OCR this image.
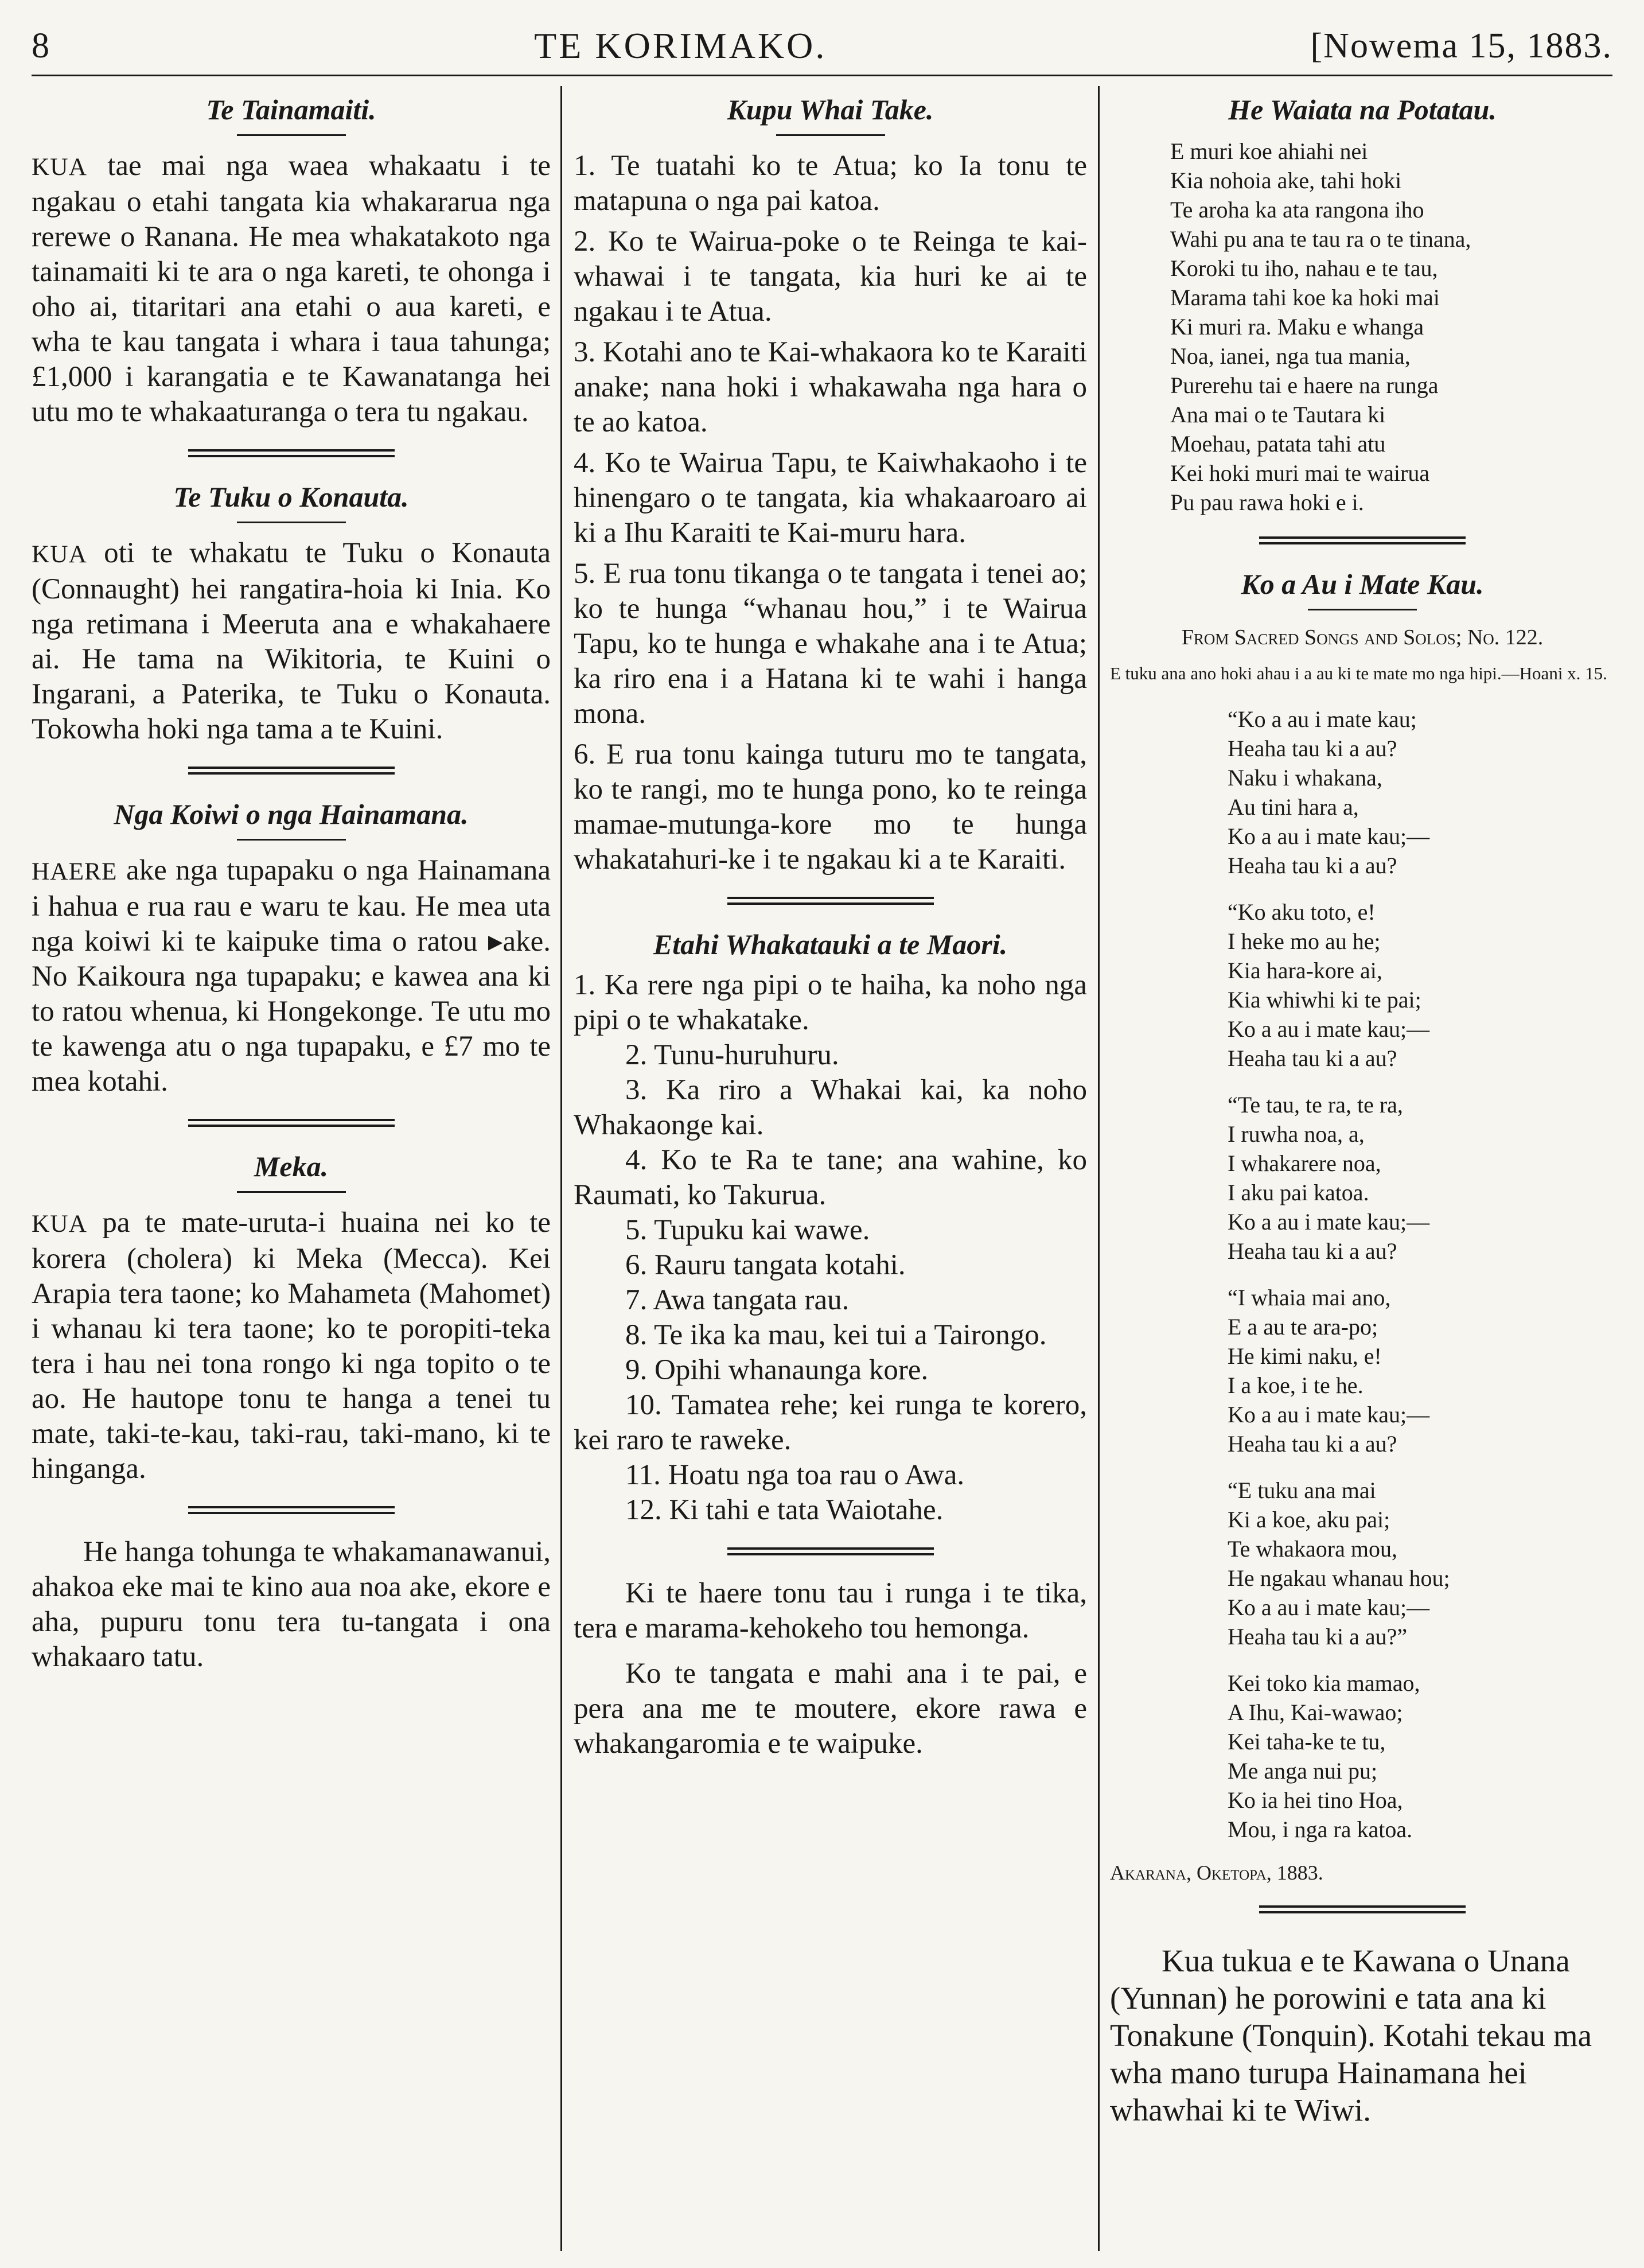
8	TE KORIMAKO.	[Nowema 15, 1883.
Te Tainamaiti.

KUA tae mai nga waea whakaatu i te ngakau o etahi tangata kia whakararua nga rerewe o Ranana. He mea whakatakoto nga tainamaiti ki te ara o nga kareti, te ohonga i oho ai, titaritari ana etahi o aua kareti, e wha te kau tangata i whara i taua tahunga; £1,000 i karangatia e te Kawanatanga hei utu mo te whakaaturanga o tera tu ngakau.

Te Tuku o Konauta.

KUA oti te whakatu te Tuku o Konauta (Connaught) hei rangatira-hoia ki Inia. Ko nga retimana i Meeruta ana e whakahaere ai. He tama na Wikitoria, te Kuini o Ingarani, a Paterika, te Tuku o Konauta. Tokowha hoki nga tama a te Kuini.

Nga Koiwi o nga Hainamana.

HAERE ake nga tupapaku o nga Hainamana i hahua e rua rau e waru te kau. He mea uta nga koiwi ki te kaipuke tima o ratou ▸ake. No Kaikoura nga tupapaku; e kawea ana ki to ratou whenua, ki Hongekonge. Te utu mo te kawenga atu o nga tupapaku, e £7 mo te mea kotahi.

Meka.

KUA pa te mate-uruta-i huaina nei ko te korera (cholera) ki Meka (Mecca). Kei Arapia tera taone; ko Mahameta (Mahomet) i whanau ki tera taone; ko te poropiti-teka tera i hau nei tona rongo ki nga topito o te ao. He hautope tonu te hanga a tenei tu mate, taki-te-kau, taki-rau, taki-mano, ki te hinganga.

He hanga tohunga te whakamanawanui, ahakoa eke mai te kino aua noa ake, ekore e aha, pupuru tonu tera tu-tangata i ona whakaaro tatu.

Kupu Whai Take.

1. Te tuatahi ko te Atua; ko Ia tonu te matapuna o nga pai katoa.

2. Ko te Wairua-poke o te Reinga te kai-whawai i te tangata, kia huri ke ai te ngakau i te Atua.

3. Kotahi ano te Kai-whakaora ko te Karaiti anake; nana hoki i whakawaha nga hara o te ao katoa.

4. Ko te Wairua Tapu, te Kaiwhakaoho i te hinengaro o te tangata, kia whakaaroaro ai ki a Ihu Karaiti te Kai-muru hara.

5. E rua tonu tikanga o te tangata i tenei ao; ko te hunga “whanau hou,” i te Wairua Tapu, ko te hunga e whakahe ana i te Atua; ka riro ena i a Hatana ki te wahi i hanga mona.

6. E rua tonu kainga tuturu mo te tangata, ko te rangi, mo te hunga pono, ko te reinga mamae-mutunga-kore mo te hunga whakatahuri-ke i te ngakau ki a te Karaiti.

Etahi Whakatauki a te Maori.

1. Ka rere nga pipi o te haiha, ka noho nga pipi o te whakatake.

2. Tunu-huruhuru.

3. Ka riro a Whakai kai, ka noho Whakaonge kai.

4. Ko te Ra te tane; ana wahine, ko Raumati, ko Takurua.

5. Tupuku kai wawe.

6. Rauru tangata kotahi.

7. Awa tangata rau.

8. Te ika ka mau, kei tui a Tairongo.

9. Opihi whanaunga kore.

10. Tamatea rehe; kei runga te korero, kei raro te raweke.

11. Hoatu nga toa rau o Awa.

12. Ki tahi e tata Waiotahe.

Ki te haere tonu tau i runga i te tika, tera e marama-kehokeho tou hemonga.

Ko te tangata e mahi ana i te pai, e pera ana me te moutere, ekore rawa e whakangaromia e te waipuke.

He Waiata na Potatau.
E muri koe ahiahi nei
Kia nohoia ake, tahi hoki
Te aroha ka ata rangona iho
Wahi pu ana te tau ra o te tinana,
Koroki tu iho, nahau e te tau,
Marama tahi koe ka hoki mai
Ki muri ra. Maku e whanga
Noa, ianei, nga tua mania,
Purerehu tai e haere na runga
Ana mai o te Tautara ki
Moehau, patata tahi atu
Kei hoki muri mai te wairua
Pu pau rawa hoki e i.
Ko a Au i Mate Kau.

From Sacred Songs and Solos; No. 122.

E tuku ana ano hoki ahau i a au ki te mate mo nga hipi.—Hoani x. 15.

“Ko a au i mate kau;
Heaha tau ki a au?
Naku i whakana,
Au tini hara a,
Ko a au i mate kau;—
Heaha tau ki a au?
“Ko aku toto, e!
I heke mo au he;
Kia hara-kore ai,
Kia whiwhi ki te pai;
Ko a au i mate kau;—
Heaha tau ki a au?
“Te tau, te ra, te ra,
I ruwha noa, a,
I whakarere noa,
I aku pai katoa.
Ko a au i mate kau;—
Heaha tau ki a au?
“I whaia mai ano,
E a au te ara-po;
He kimi naku, e!
I a koe, i te he.
Ko a au i mate kau;—
Heaha tau ki a au?
“E tuku ana mai
Ki a koe, aku pai;
Te whakaora mou,
He ngakau whanau hou;
Ko a au i mate kau;—
Heaha tau ki a au?”
Kei toko kia mamao,
A Ihu, Kai-wawao;
Kei taha-ke te tu,
Me anga nui pu;
Ko ia hei tino Hoa,
Mou, i nga ra katoa.

Akarana, Oketopa, 1883.

Kua tukua e te Kawana o Unana (Yunnan) he porowini e tata ana ki Tonakune (Tonquin). Kotahi tekau ma wha mano turupa Hainamana hei whawhai ki te Wiwi.
